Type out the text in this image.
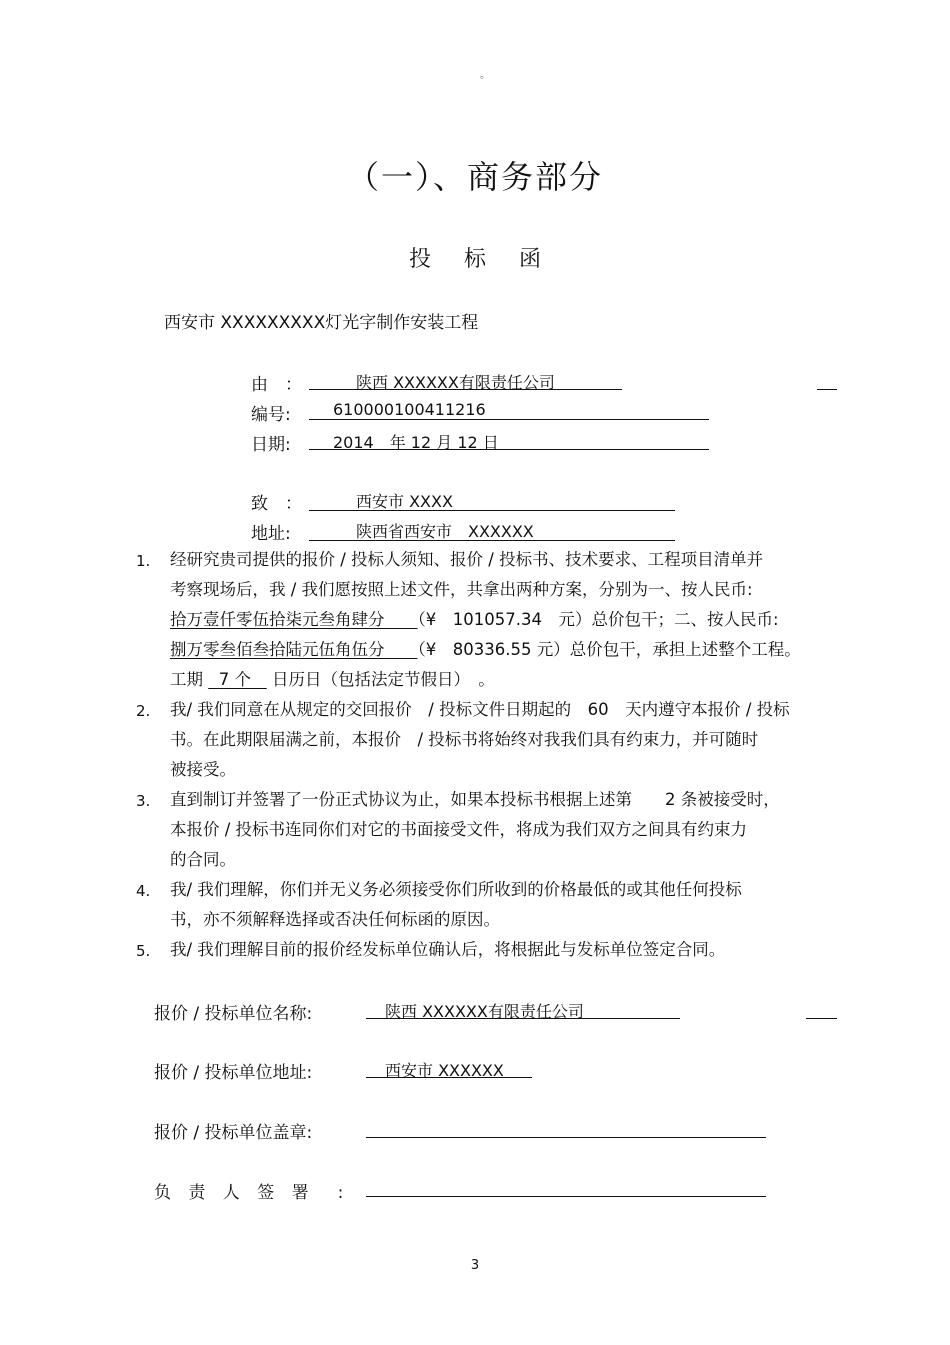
。
（一）、商务部分
投 标 函
西安市 XXXXXXXXX灯光字制作安装工程
由　：	陕西 XXXXXX有限责任公司
编号:	610000100411216
日期:	2014　年 12 月 12 日
致　：	西安市 XXXX
地址:	陕西省西安市　XXXXXX
1. 经研究贵司提供的报价 / 投标人须知、报价 / 投标书、技术要求、工程项目清单并
考察现场后，我 / 我们愿按照上述文件，共拿出两种方案，分别为一、按人民币:
拾万壹仟零伍拾柒元叁角肆分　　 （¥　101057.34　元）总价包干；二、按人民币:
捌万零叁佰叁拾陆元伍角伍分　　 （¥　80336.55 元）总价包干，承担上述整个工程。
工期 7 个 日历日（包括法定节假日）　。
2. 我/ 我们同意在从规定的交回报价　/ 投标文件日期起的　60　天内遵守本报价 / 投标
书。在此期限届满之前，本报价　/ 投标书将始终对我我们具有约束力，并可随时
被接受。
3. 直到制订并签署了一份正式协议为止，如果本投标书根据上述第　　2 条被接受时，
本报价 / 投标书连同你们对它的书面接受文件，将成为我们双方之间具有约束力
的合同。
4. 我/ 我们理解，你们并无义务必须接受你们所收到的价格最低的或其他任何投标
书，亦不须解释选择或否决任何标函的原因。
5. 我/ 我们理解目前的报价经发标单位确认后，将根据此与发标单位签定合同。
报价 / 投标单位名称:	陕西 XXXXXX有限责任公司
报价 / 投标单位地址:	西安市 XXXXXX
报价 / 投标单位盖章:
负 责 人 签 署　:
3
